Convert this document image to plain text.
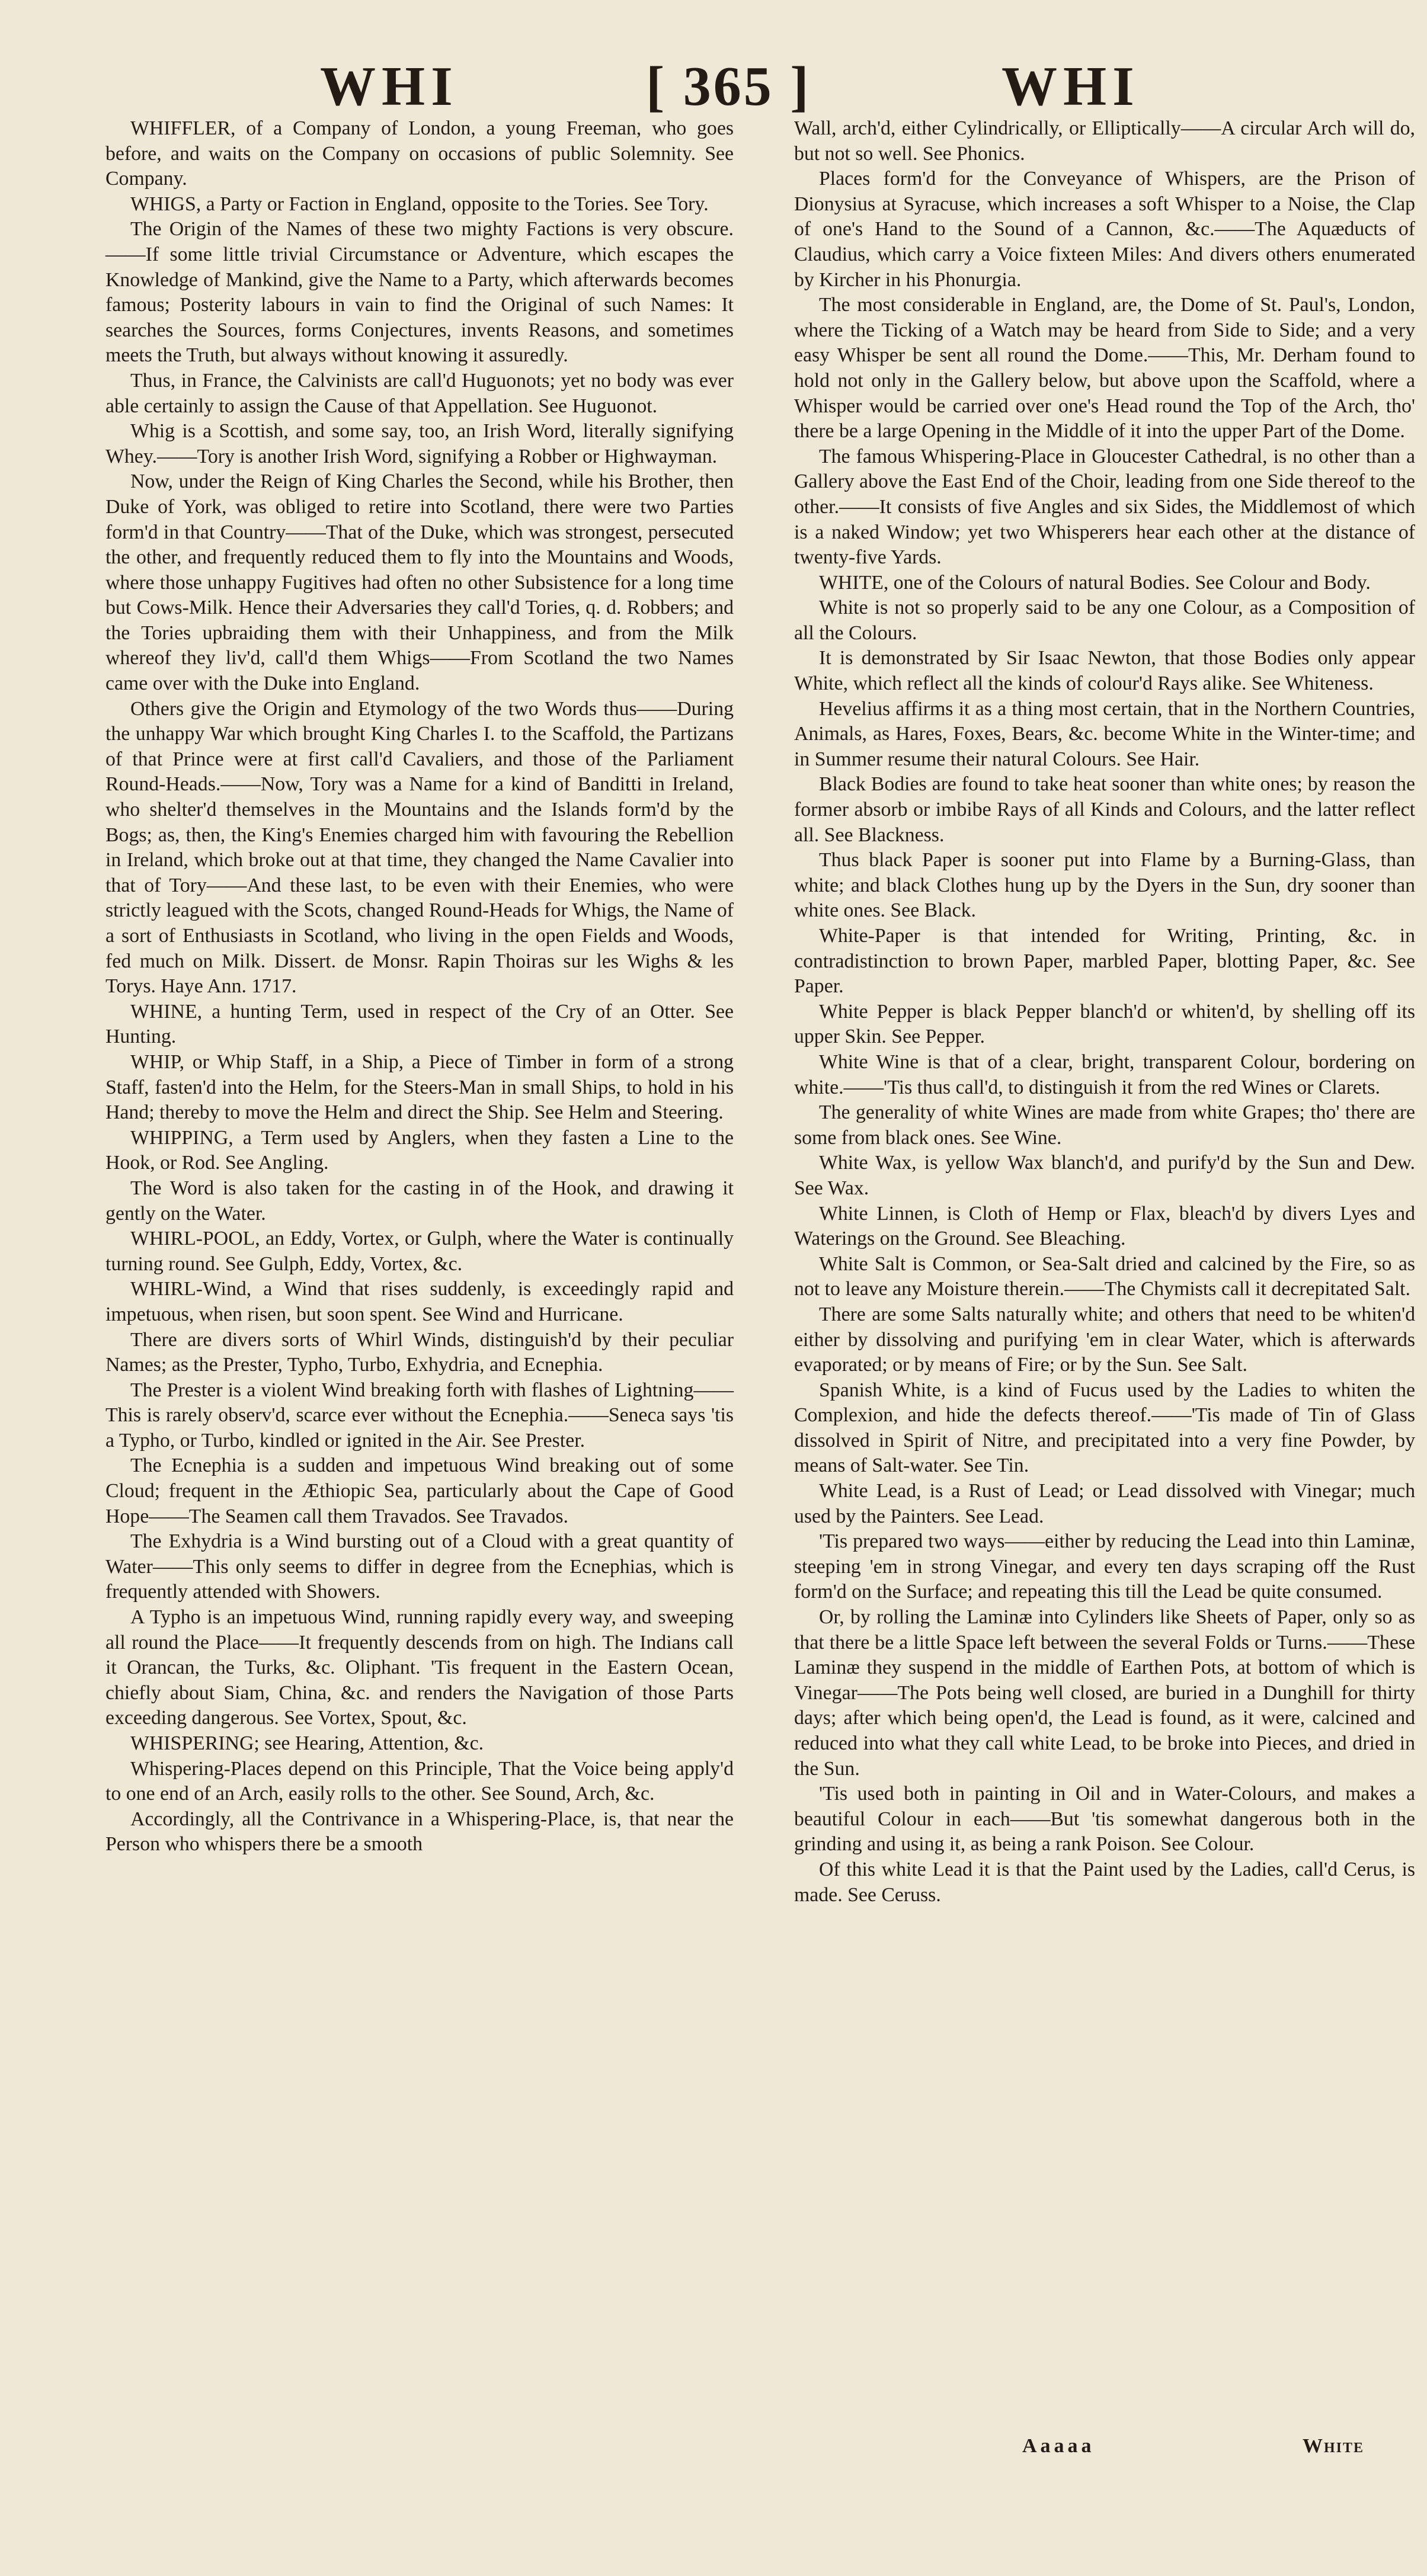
WHI	[ 365 ]	WHI

WHIFFLER, of a Company of London, a young Freeman, who goes before, and waits on the Company on occasions of public Solemnity. See Company.

WHIGS, a Party or Faction in England, opposite to the Tories. See Tory.

The Origin of the Names of these two mighty Factions is very obscure.——If some little trivial Circumstance or Adventure, which escapes the Knowledge of Mankind, give the Name to a Party, which afterwards becomes famous; Posterity labours in vain to find the Original of such Names: It searches the Sources, forms Conjectures, invents Reasons, and sometimes meets the Truth, but always without knowing it assuredly.

Thus, in France, the Calvinists are call'd Huguonots; yet no body was ever able certainly to assign the Cause of that Appellation. See Huguonot.

Whig is a Scottish, and some say, too, an Irish Word, literally signifying Whey.——Tory is another Irish Word, signifying a Robber or Highwayman.

Now, under the Reign of King Charles the Second, while his Brother, then Duke of York, was obliged to retire into Scotland, there were two Parties form'd in that Country——That of the Duke, which was strongest, persecuted the other, and frequently reduced them to fly into the Mountains and Woods, where those unhappy Fugitives had often no other Subsistence for a long time but Cows-Milk. Hence their Adversaries they call'd Tories, q. d. Robbers; and the Tories upbraiding them with their Unhappiness, and from the Milk whereof they liv'd, call'd them Whigs——From Scotland the two Names came over with the Duke into England.

Others give the Origin and Etymology of the two Words thus——During the unhappy War which brought King Charles I. to the Scaffold, the Partizans of that Prince were at first call'd Cavaliers, and those of the Parliament Round-Heads.——Now, Tory was a Name for a kind of Banditti in Ireland, who shelter'd themselves in the Mountains and the Islands form'd by the Bogs; as, then, the King's Enemies charged him with favouring the Rebellion in Ireland, which broke out at that time, they changed the Name Cavalier into that of Tory——And these last, to be even with their Enemies, who were strictly leagued with the Scots, changed Round-Heads for Whigs, the Name of a sort of Enthusiasts in Scotland, who living in the open Fields and Woods, fed much on Milk. Dissert. de Monsr. Rapin Thoiras sur les Wighs & les Torys. Haye Ann. 1717.

WHINE, a hunting Term, used in respect of the Cry of an Otter. See Hunting.

WHIP, or Whip Staff, in a Ship, a Piece of Timber in form of a strong Staff, fasten'd into the Helm, for the Steers-Man in small Ships, to hold in his Hand; thereby to move the Helm and direct the Ship. See Helm and Steering.

WHIPPING, a Term used by Anglers, when they fasten a Line to the Hook, or Rod. See Angling.

The Word is also taken for the casting in of the Hook, and drawing it gently on the Water.

WHIRL-POOL, an Eddy, Vortex, or Gulph, where the Water is continually turning round. See Gulph, Eddy, Vortex, &c.

WHIRL-Wind, a Wind that rises suddenly, is exceedingly rapid and impetuous, when risen, but soon spent. See Wind and Hurricane.

There are divers sorts of Whirl Winds, distinguish'd by their peculiar Names; as the Prester, Typho, Turbo, Exhydria, and Ecnephia.

The Prester is a violent Wind breaking forth with flashes of Lightning——This is rarely observ'd, scarce ever without the Ecnephia.——Seneca says 'tis a Typho, or Turbo, kindled or ignited in the Air. See Prester.

The Ecnephia is a sudden and impetuous Wind breaking out of some Cloud; frequent in the Æthiopic Sea, particularly about the Cape of Good Hope——The Seamen call them Travados. See Travados.

The Exhydria is a Wind bursting out of a Cloud with a great quantity of Water——This only seems to differ in degree from the Ecnephias, which is frequently attended with Showers.

A Typho is an impetuous Wind, running rapidly every way, and sweeping all round the Place——It frequently descends from on high. The Indians call it Orancan, the Turks, &c. Oliphant. 'Tis frequent in the Eastern Ocean, chiefly about Siam, China, &c. and renders the Navigation of those Parts exceeding dangerous. See Vortex, Spout, &c.

WHISPERING; see Hearing, Attention, &c.

Whispering-Places depend on this Principle, That the Voice being apply'd to one end of an Arch, easily rolls to the other. See Sound, Arch, &c.

Accordingly, all the Contrivance in a Whispering-Place, is, that near the Person who whispers there be a smooth

Wall, arch'd, either Cylindrically, or Elliptically——A circular Arch will do, but not so well. See Phonics.

Places form'd for the Conveyance of Whispers, are the Prison of Dionysius at Syracuse, which increases a soft Whisper to a Noise, the Clap of one's Hand to the Sound of a Cannon, &c.——The Aquæducts of Claudius, which carry a Voice fixteen Miles: And divers others enumerated by Kircher in his Phonurgia.

The most considerable in England, are, the Dome of St. Paul's, London, where the Ticking of a Watch may be heard from Side to Side; and a very easy Whisper be sent all round the Dome.——This, Mr. Derham found to hold not only in the Gallery below, but above upon the Scaffold, where a Whisper would be carried over one's Head round the Top of the Arch, tho' there be a large Opening in the Middle of it into the upper Part of the Dome.

The famous Whispering-Place in Gloucester Cathedral, is no other than a Gallery above the East End of the Choir, leading from one Side thereof to the other.——It consists of five Angles and six Sides, the Middlemost of which is a naked Window; yet two Whisperers hear each other at the distance of twenty-five Yards.

WHITE, one of the Colours of natural Bodies. See Colour and Body.

White is not so properly said to be any one Colour, as a Composition of all the Colours.

It is demonstrated by Sir Isaac Newton, that those Bodies only appear White, which reflect all the kinds of colour'd Rays alike. See Whiteness.

Hevelius affirms it as a thing most certain, that in the Northern Countries, Animals, as Hares, Foxes, Bears, &c. become White in the Winter-time; and in Summer resume their natural Colours. See Hair.

Black Bodies are found to take heat sooner than white ones; by reason the former absorb or imbibe Rays of all Kinds and Colours, and the latter reflect all. See Blackness.

Thus black Paper is sooner put into Flame by a Burning-Glass, than white; and black Clothes hung up by the Dyers in the Sun, dry sooner than white ones. See Black.

White-Paper is that intended for Writing, Printing, &c. in contradistinction to brown Paper, marbled Paper, blotting Paper, &c. See Paper.

White Pepper is black Pepper blanch'd or whiten'd, by shelling off its upper Skin. See Pepper.

White Wine is that of a clear, bright, transparent Colour, bordering on white.——'Tis thus call'd, to distinguish it from the red Wines or Clarets.

The generality of white Wines are made from white Grapes; tho' there are some from black ones. See Wine.

White Wax, is yellow Wax blanch'd, and purify'd by the Sun and Dew. See Wax.

White Linnen, is Cloth of Hemp or Flax, bleach'd by divers Lyes and Waterings on the Ground. See Bleaching.

White Salt is Common, or Sea-Salt dried and calcined by the Fire, so as not to leave any Moisture therein.——The Chymists call it decrepitated Salt.

There are some Salts naturally white; and others that need to be whiten'd either by dissolving and purifying 'em in clear Water, which is afterwards evaporated; or by means of Fire; or by the Sun. See Salt.

Spanish White, is a kind of Fucus used by the Ladies to whiten the Complexion, and hide the defects thereof.——'Tis made of Tin of Glass dissolved in Spirit of Nitre, and precipitated into a very fine Powder, by means of Salt-water. See Tin.

White Lead, is a Rust of Lead; or Lead dissolved with Vinegar; much used by the Painters. See Lead.

'Tis prepared two ways——either by reducing the Lead into thin Laminæ, steeping 'em in strong Vinegar, and every ten days scraping off the Rust form'd on the Surface; and repeating this till the Lead be quite consumed.

Or, by rolling the Laminæ into Cylinders like Sheets of Paper, only so as that there be a little Space left between the several Folds or Turns.——These Laminæ they suspend in the middle of Earthen Pots, at bottom of which is Vinegar——The Pots being well closed, are buried in a Dunghill for thirty days; after which being open'd, the Lead is found, as it were, calcined and reduced into what they call white Lead, to be broke into Pieces, and dried in the Sun.

'Tis used both in painting in Oil and in Water-Colours, and makes a beautiful Colour in each——But 'tis somewhat dangerous both in the grinding and using it, as being a rank Poison. See Colour.

Of this white Lead it is that the Paint used by the Ladies, call'd Cerus, is made. See Ceruss.

Aaaaa	White
